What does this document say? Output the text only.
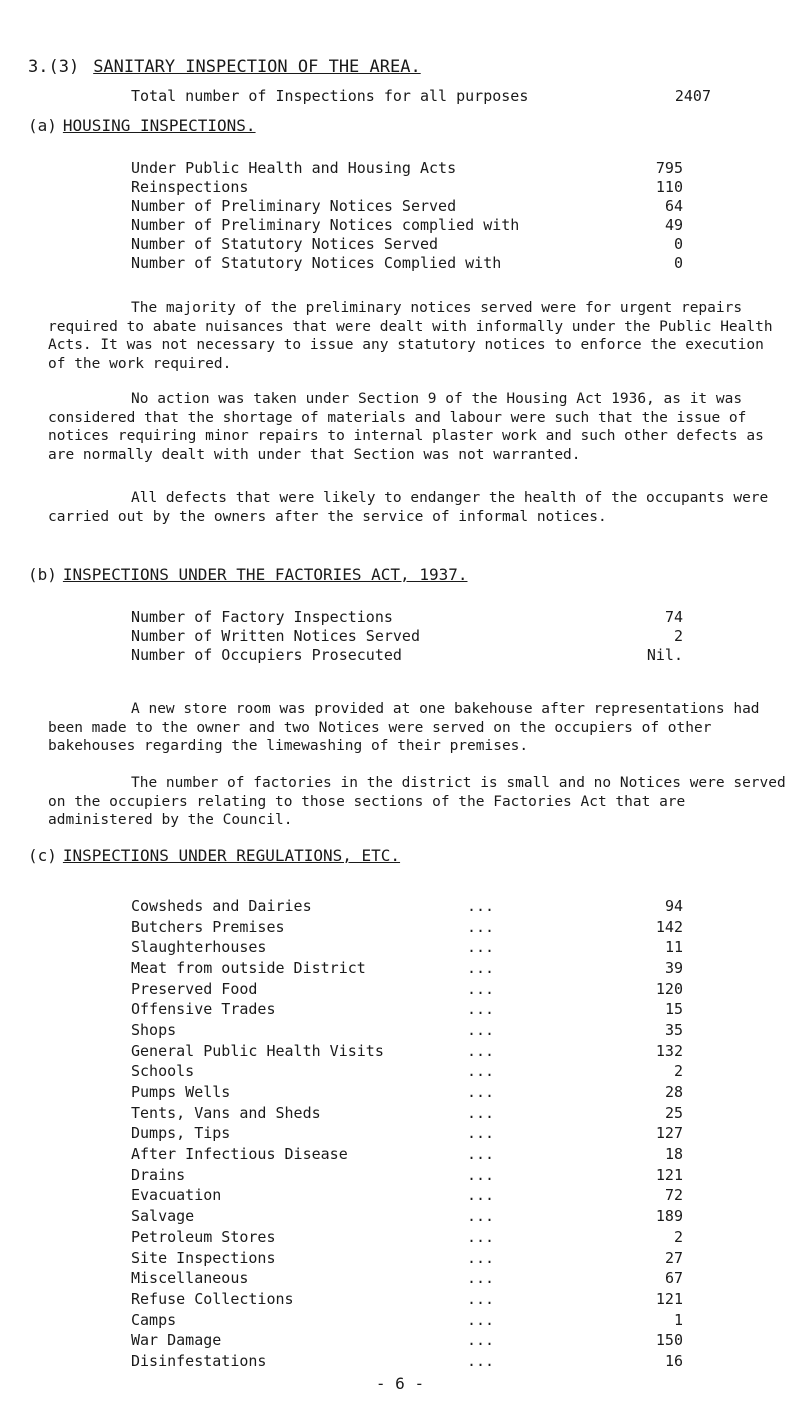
3.(3) SANITARY INSPECTION OF THE AREA.
Total number of Inspections for all purposes	2407
(a) HOUSING INSPECTIONS.
Under Public Health and Housing Acts	795
Reinspections	110
Number of Preliminary Notices Served	64
Number of Preliminary Notices complied with	49
Number of Statutory Notices Served	0
Number of Statutory Notices Complied with	0

The majority of the preliminary notices served were for urgent repairs required to abate nuisances that were dealt with informally under the Public Health Acts. It was not necessary to issue any statutory notices to enforce the execution of the work required.

No action was taken under Section 9 of the Housing Act 1936, as it was considered that the shortage of materials and labour were such that the issue of notices requiring minor repairs to internal plaster work and such other defects as are normally dealt with under that Section was not warranted.

All defects that were likely to endanger the health of the occupants were carried out by the owners after the service of informal notices.

(b) INSPECTIONS UNDER THE FACTORIES ACT, 1937.
Number of Factory Inspections	74
Number of Written Notices Served	2
Number of Occupiers Prosecuted	Nil.

A new store room was provided at one bakehouse after representations had been made to the owner and two Notices were served on the occupiers of other bakehouses regarding the limewashing of their premises.

The number of factories in the district is small and no Notices were served on the occupiers relating to those sections of the Factories Act that are administered by the Council.

(c) INSPECTIONS UNDER REGULATIONS, ETC.
Cowsheds and Dairies	...	94
Butchers Premises	...	142
Slaughterhouses	...	11
Meat from outside District	...	39
Preserved Food	...	120
Offensive Trades	...	15
Shops	...	35
General Public Health Visits	...	132
Schools	...	2
Pumps Wells	...	28
Tents, Vans and Sheds	...	25
Dumps, Tips	...	127
After Infectious Disease	...	18
Drains	...	121
Evacuation	...	72
Salvage	...	189
Petroleum Stores	...	2
Site Inspections	...	27
Miscellaneous	...	67
Refuse Collections	...	121
Camps	...	1
War Damage	...	150
Disinfestations	...	16
- 6 -
